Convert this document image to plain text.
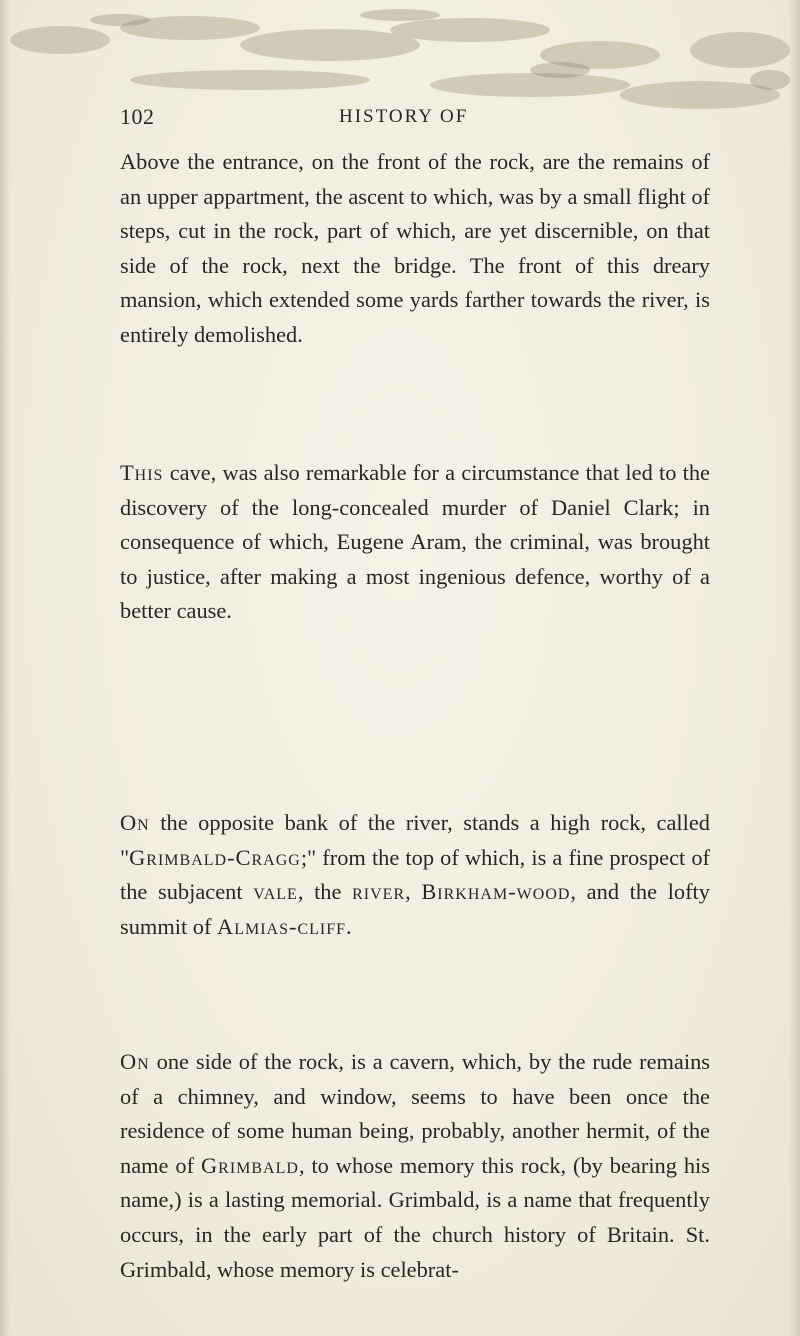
102	HISTORY OF

Above the entrance, on the front of the rock, are the remains of an upper appartment, the ascent to which, was by a small flight of steps, cut in the rock, part of which, are yet discernible, on that side of the rock, next the bridge. The front of this dreary mansion, which extended some yards farther towards the river, is entirely demolished.

This cave, was also remarkable for a circumstance that led to the discovery of the long-concealed murder of Daniel Clark; in consequence of which, Eugene Aram, the criminal, was brought to justice, after making a most ingenious defence, worthy of a better cause.

On the opposite bank of the river, stands a high rock, called "Grimbald-Cragg;" from the top of which, is a fine prospect of the subjacent vale, the river, Birkham-wood, and the lofty summit of Almias-cliff.

On one side of the rock, is a cavern, which, by the rude remains of a chimney, and window, seems to have been once the residence of some human being, probably, another hermit, of the name of Grimbald, to whose memory this rock, (by bearing his name,) is a lasting memorial. Grimbald, is a name that frequently occurs, in the early part of the church history of Britain. St. Grimbald, whose memory is celebrat-
